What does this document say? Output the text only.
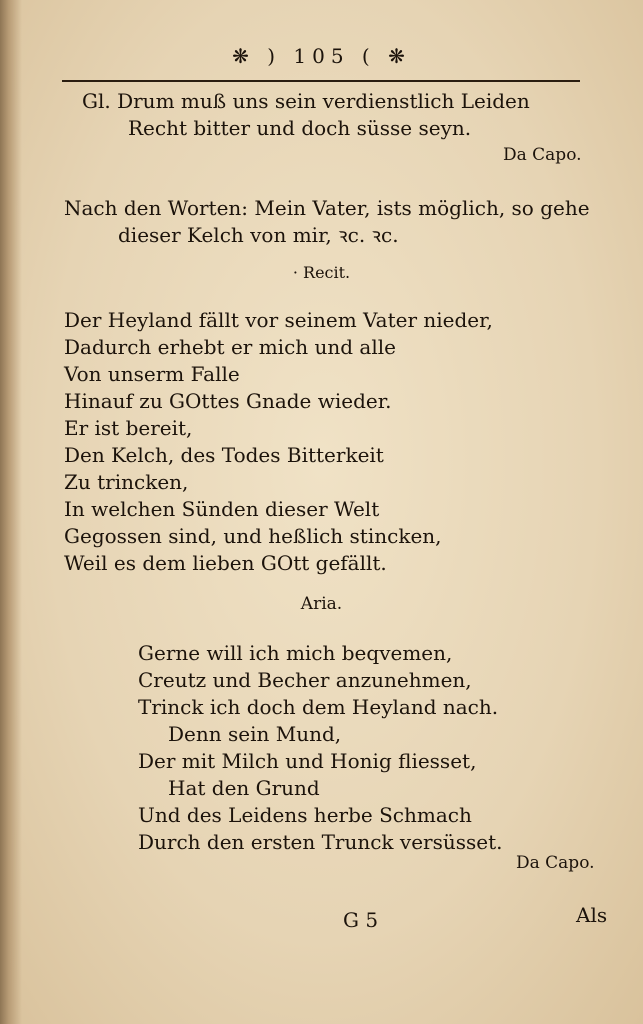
❋ ) 105 ( ❋
Gl. Drum muß uns sein verdienstlich Leiden
Recht bitter und doch süsse seyn.
Da Capo.
Nach den Worten: Mein Vater, ists möglich, so gehe
dieser Kelch von mir, ꝛc. ꝛc.
· Recit.
Der Heyland fällt vor seinem Vater nieder,
Dadurch erhebt er mich und alle
Von unserm Falle
Hinauf zu GOttes Gnade wieder.
Er ist bereit,
Den Kelch, des Todes Bitterkeit
Zu trincken,
In welchen Sünden dieser Welt
Gegossen sind, und heßlich stincken,
Weil es dem lieben GOtt gefällt.
Aria.
Gerne will ich mich beqvemen,
Creutz und Becher anzunehmen,
Trinck ich doch dem Heyland nach.
Denn sein Mund,
Der mit Milch und Honig fliesset,
Hat den Grund
Und des Leidens herbe Schmach
Durch den ersten Trunck versüsset.
Da Capo.
G 5	Als
